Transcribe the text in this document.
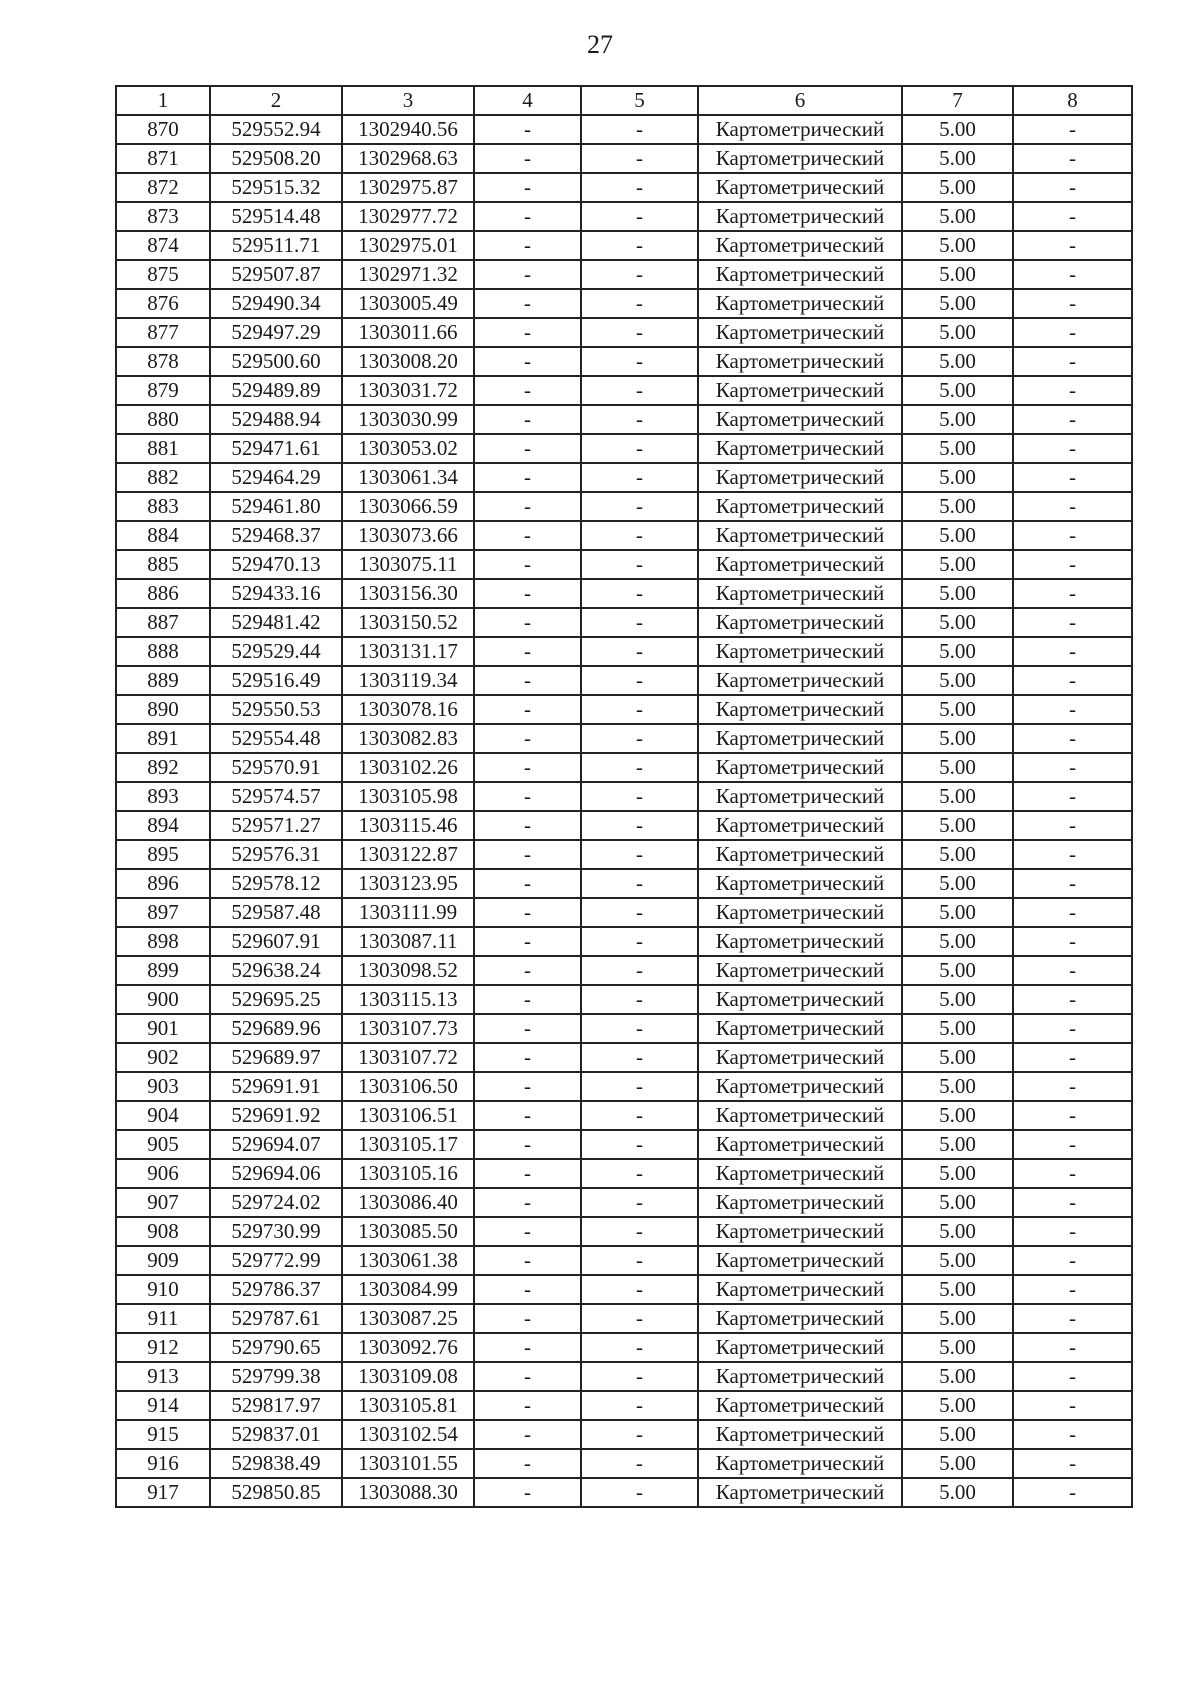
27
1	2	3	4	5	6	7	8
870	529552.94	1302940.56	-	-	Картометрический	5.00	-
871	529508.20	1302968.63	-	-	Картометрический	5.00	-
872	529515.32	1302975.87	-	-	Картометрический	5.00	-
873	529514.48	1302977.72	-	-	Картометрический	5.00	-
874	529511.71	1302975.01	-	-	Картометрический	5.00	-
875	529507.87	1302971.32	-	-	Картометрический	5.00	-
876	529490.34	1303005.49	-	-	Картометрический	5.00	-
877	529497.29	1303011.66	-	-	Картометрический	5.00	-
878	529500.60	1303008.20	-	-	Картометрический	5.00	-
879	529489.89	1303031.72	-	-	Картометрический	5.00	-
880	529488.94	1303030.99	-	-	Картометрический	5.00	-
881	529471.61	1303053.02	-	-	Картометрический	5.00	-
882	529464.29	1303061.34	-	-	Картометрический	5.00	-
883	529461.80	1303066.59	-	-	Картометрический	5.00	-
884	529468.37	1303073.66	-	-	Картометрический	5.00	-
885	529470.13	1303075.11	-	-	Картометрический	5.00	-
886	529433.16	1303156.30	-	-	Картометрический	5.00	-
887	529481.42	1303150.52	-	-	Картометрический	5.00	-
888	529529.44	1303131.17	-	-	Картометрический	5.00	-
889	529516.49	1303119.34	-	-	Картометрический	5.00	-
890	529550.53	1303078.16	-	-	Картометрический	5.00	-
891	529554.48	1303082.83	-	-	Картометрический	5.00	-
892	529570.91	1303102.26	-	-	Картометрический	5.00	-
893	529574.57	1303105.98	-	-	Картометрический	5.00	-
894	529571.27	1303115.46	-	-	Картометрический	5.00	-
895	529576.31	1303122.87	-	-	Картометрический	5.00	-
896	529578.12	1303123.95	-	-	Картометрический	5.00	-
897	529587.48	1303111.99	-	-	Картометрический	5.00	-
898	529607.91	1303087.11	-	-	Картометрический	5.00	-
899	529638.24	1303098.52	-	-	Картометрический	5.00	-
900	529695.25	1303115.13	-	-	Картометрический	5.00	-
901	529689.96	1303107.73	-	-	Картометрический	5.00	-
902	529689.97	1303107.72	-	-	Картометрический	5.00	-
903	529691.91	1303106.50	-	-	Картометрический	5.00	-
904	529691.92	1303106.51	-	-	Картометрический	5.00	-
905	529694.07	1303105.17	-	-	Картометрический	5.00	-
906	529694.06	1303105.16	-	-	Картометрический	5.00	-
907	529724.02	1303086.40	-	-	Картометрический	5.00	-
908	529730.99	1303085.50	-	-	Картометрический	5.00	-
909	529772.99	1303061.38	-	-	Картометрический	5.00	-
910	529786.37	1303084.99	-	-	Картометрический	5.00	-
911	529787.61	1303087.25	-	-	Картометрический	5.00	-
912	529790.65	1303092.76	-	-	Картометрический	5.00	-
913	529799.38	1303109.08	-	-	Картометрический	5.00	-
914	529817.97	1303105.81	-	-	Картометрический	5.00	-
915	529837.01	1303102.54	-	-	Картометрический	5.00	-
916	529838.49	1303101.55	-	-	Картометрический	5.00	-
917	529850.85	1303088.30	-	-	Картометрический	5.00	-
